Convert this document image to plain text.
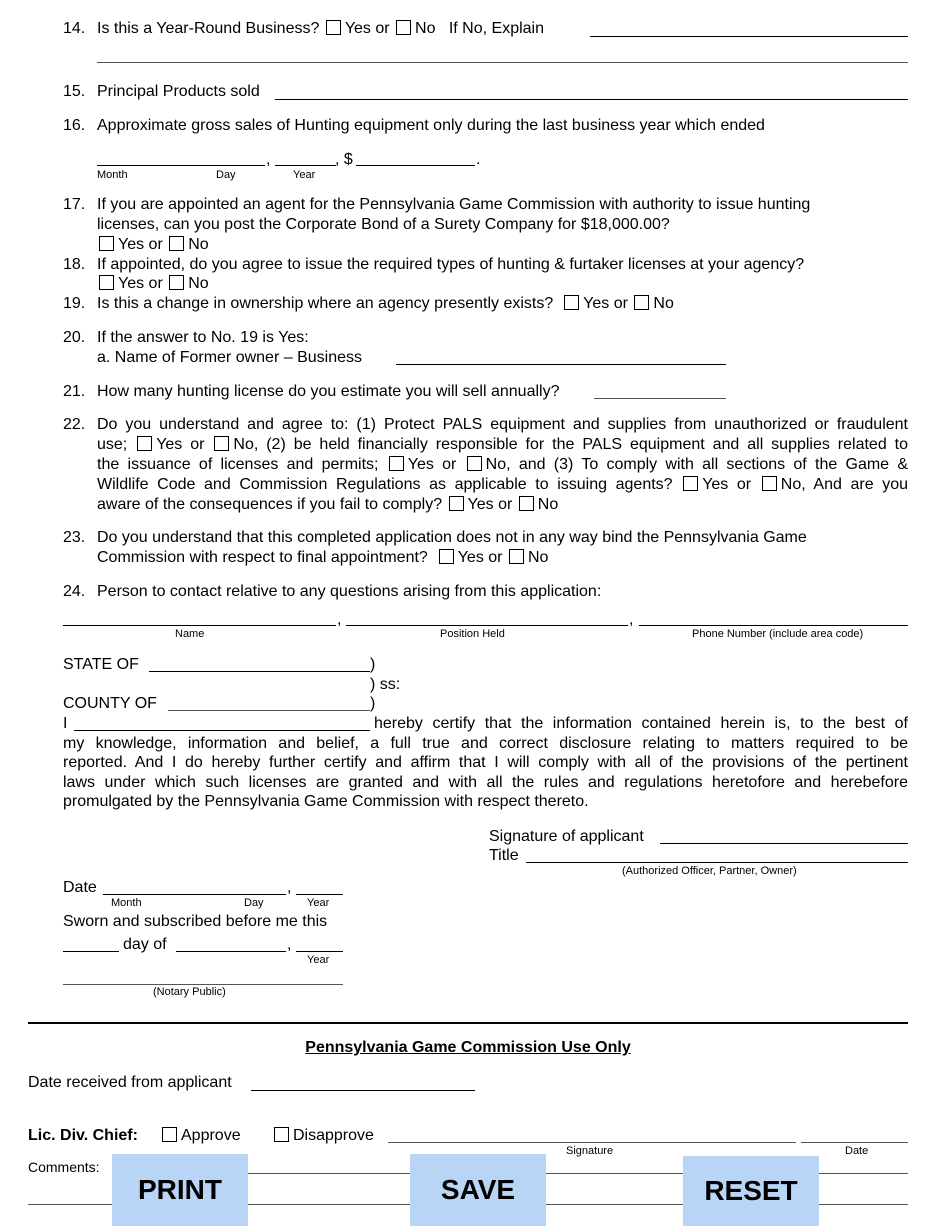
14. Is this a Year-Round Business? Yes or No If No, Explain
15. Principal Products sold
16. Approximate gross sales of Hunting equipment only during the last business year which ended
,	, $	.
Month	Day	Year
17. If you are appointed an agent for the Pennsylvania Game Commission with authority to issue hunting
licenses, can you post the Corporate Bond of a Surety Company for $18,000.00?
Yes or No
18. If appointed, do you agree to issue the required types of hunting & furtaker licenses at your agency?
Yes or No
19. Is this a change in ownership where an agency presently exists? Yes or No
20. If the answer to No. 19 is Yes:
a. Name of Former owner – Business
21. How many hunting license do you estimate you will sell annually?
22. Do you understand and agree to: (1) Protect PALS equipment and supplies from unauthorized or fraudulent
use; Yes or No, (2) be held financially responsible for the PALS equipment and all supplies related to
the issuance of licenses and permits; Yes or No, and (3) To comply with all sections of the Game &
Wildlife Code and Commission Regulations as applicable to issuing agents? Yes or No, And are you
aware of the consequences if you fail to comply? Yes or No
23. Do you understand that this completed application does not in any way bind the Pennsylvania Game
Commission with respect to final appointment? Yes or No
24. Person to contact relative to any questions arising from this application:
,	,
Name	Position Held	Phone Number (include area code)
STATE OF	)
) ss:
COUNTY OF	)
I	hereby certify that the information contained herein is, to the best of
my knowledge, information and belief, a full true and correct disclosure relating to matters required to be
reported. And I do hereby further certify and affirm that I will comply with all of the provisions of the pertinent
laws under which such licenses are granted and with all the rules and regulations heretofore and herebefore
promulgated by the Pennsylvania Game Commission with respect thereto.
Signature of applicant
Title
(Authorized Officer, Partner, Owner)
Date	,
Month	Day	Year
Sworn and subscribed before me this
day of	,
Year
(Notary Public)
Pennsylvania Game Commission Use Only
Date received from applicant
Lic. Div. Chief:	Approve	Disapprove
Signature	Date
Comments:
PRINT	SAVE	RESET
